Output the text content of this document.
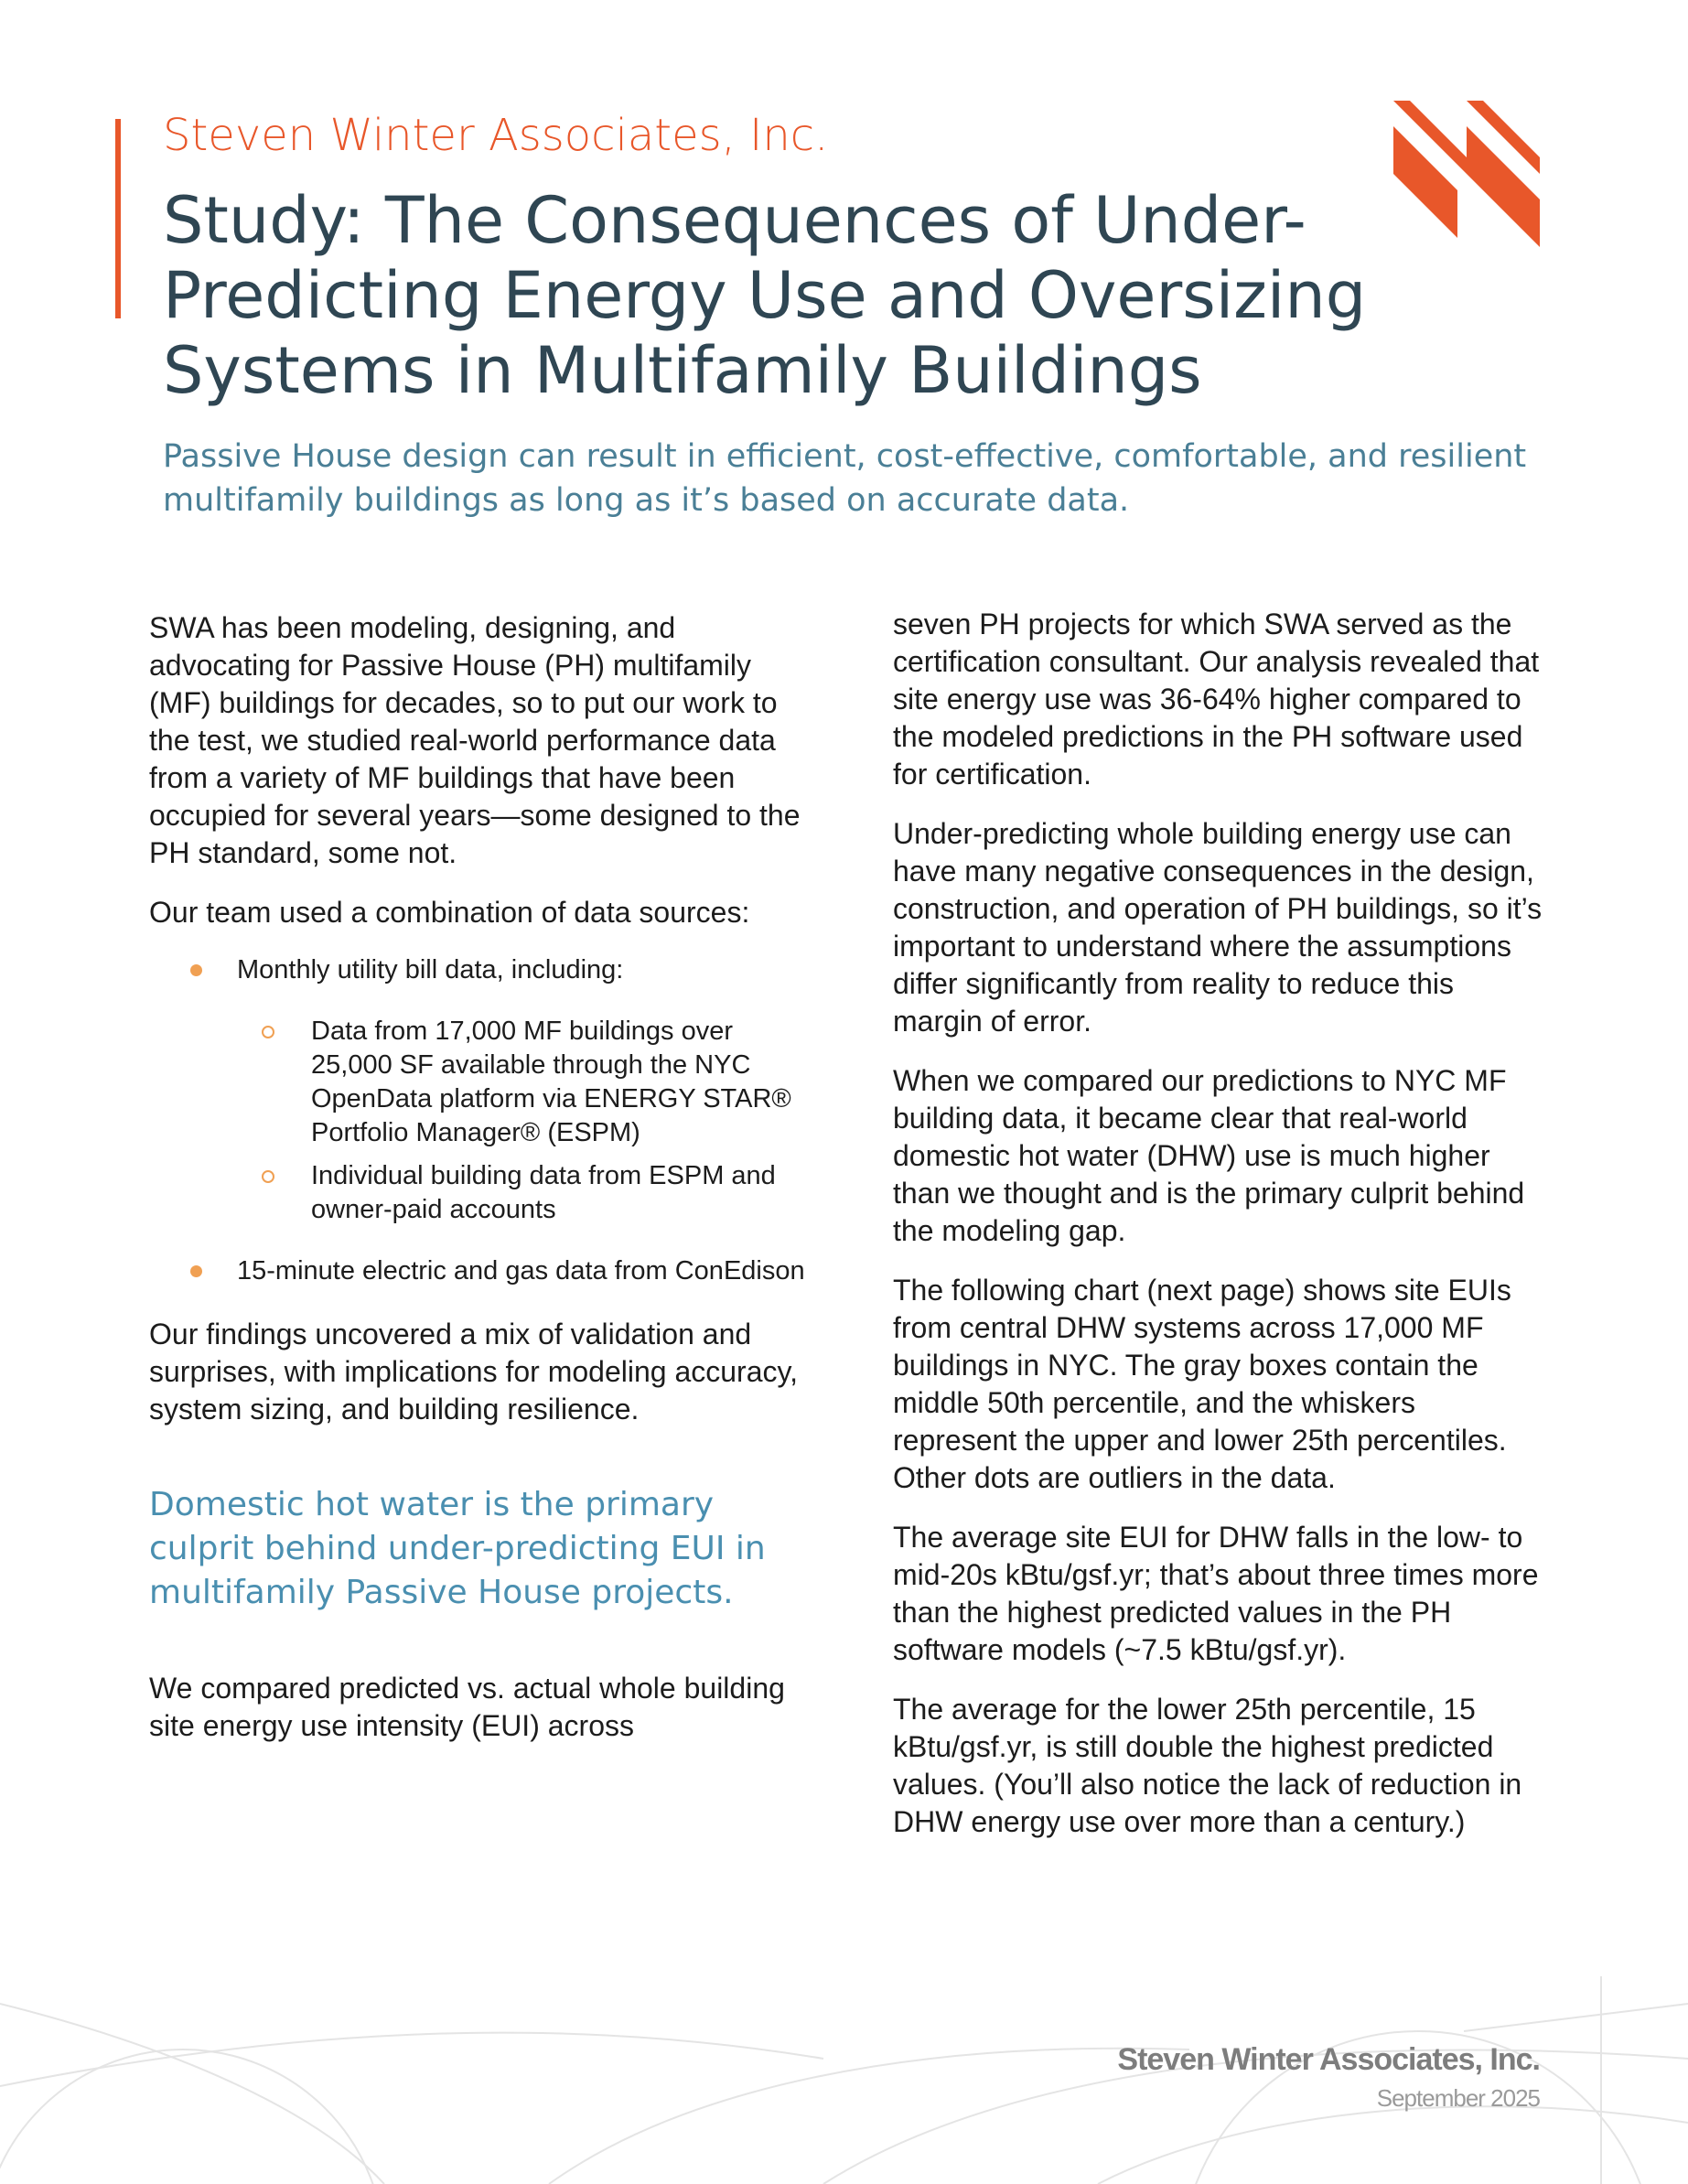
Steven Winter Associates, Inc.
Study: The Consequences of Under-Predicting Energy Use and Oversizing Systems in Multifamily Buildings
Passive House design can result in efficient, cost-effective, comfortable, and resilient multifamily buildings as long as it’s based on accurate data.

SWA has been modeling, designing, and advocating for Passive House (PH) multifamily (MF) buildings for decades, so to put our work to the test, we studied real-world performance data from a variety of MF buildings that have been occupied for several years—some designed to the PH standard, some not.

Our team used a combination of data sources:

Monthly utility bill data, including:
Data from 17,000 MF buildings over 25,000 SF available through the NYC OpenData platform via ENERGY STAR® Portfolio Manager® (ESPM)
Individual building data from ESPM and owner-paid accounts
15-minute electric and gas data from ConEdison

Our findings uncovered a mix of validation and surprises, with implications for modeling accuracy, system sizing, and building resilience.

Domestic hot water is the primary culprit behind under-predicting EUI in multifamily Passive House projects.

We compared predicted vs. actual whole building site energy use intensity (EUI) across

seven PH projects for which SWA served as the certification consultant. Our analysis revealed that site energy use was 36-64% higher compared to the modeled predictions in the PH software used for certification.

Under-predicting whole building energy use can have many negative consequences in the design, construction, and operation of PH buildings, so it’s important to understand where the assumptions differ significantly from reality to reduce this margin of error.

When we compared our predictions to NYC MF building data, it became clear that real-world domestic hot water (DHW) use is much higher than we thought and is the primary culprit behind the modeling gap.

The following chart (next page) shows site EUIs from central DHW systems across 17,000 MF buildings in NYC. The gray boxes contain the middle 50th percentile, and the whiskers represent the upper and lower 25th percentiles. Other dots are outliers in the data.

The average site EUI for DHW falls in the low- to mid-20s kBtu/gsf.yr; that’s about three times more than the highest predicted values in the PH software models (~7.5 kBtu/gsf.yr).

The average for the lower 25th percentile, 15 kBtu/gsf.yr, is still double the highest predicted values. (You’ll also notice the lack of reduction in DHW energy use over more than a century.)

Steven Winter Associates, Inc.
September 2025
